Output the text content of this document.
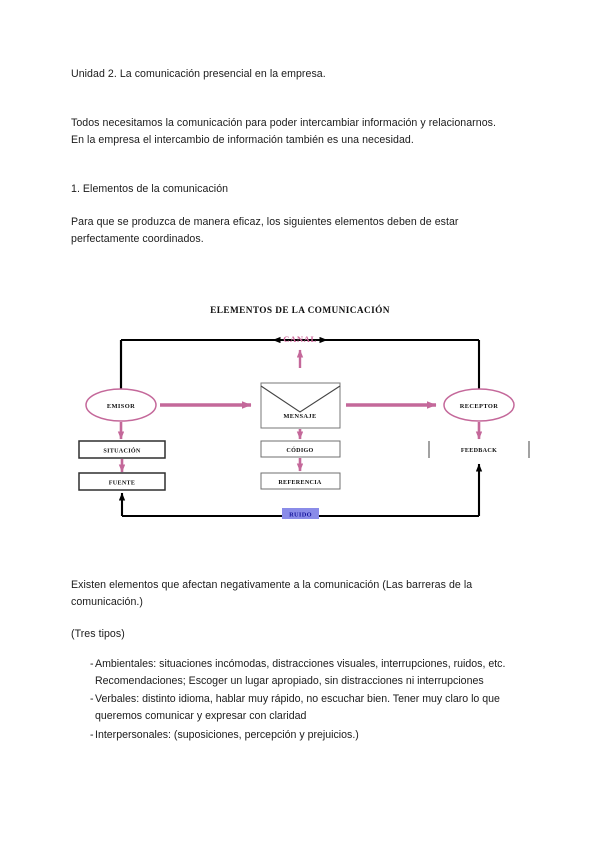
Unidad 2. La comunicación presencial en la empresa.
Todos necesitamos la comunicación para poder intercambiar información y relacionarnos. En la empresa el intercambio de información también es una necesidad.
1. Elementos de la comunicación
Para que se produzca de manera eficaz, los siguientes elementos deben de estar perfectamente coordinados.
ELEMENTOS DE LA COMUNICACIÓN
CANAL
EMISOR	RECEPTOR
MENSAJE
SITUACIÓN
FUENTE
CÓDIGO
REFERENCIA
FEEDBACK
RUIDO
Existen elementos que afectan negativamente a la comunicación (Las barreras de la comunicación.)
(Tres tipos)
- Ambientales: situaciones incómodas, distracciones visuales, interrupciones, ruidos, etc. Recomendaciones; Escoger un lugar apropiado, sin distracciones ni interrupciones
- Verbales: distinto idioma, hablar muy rápido, no escuchar bien. Tener muy claro lo que queremos comunicar y expresar con claridad
- Interpersonales: (suposiciones, percepción y prejuicios.)
